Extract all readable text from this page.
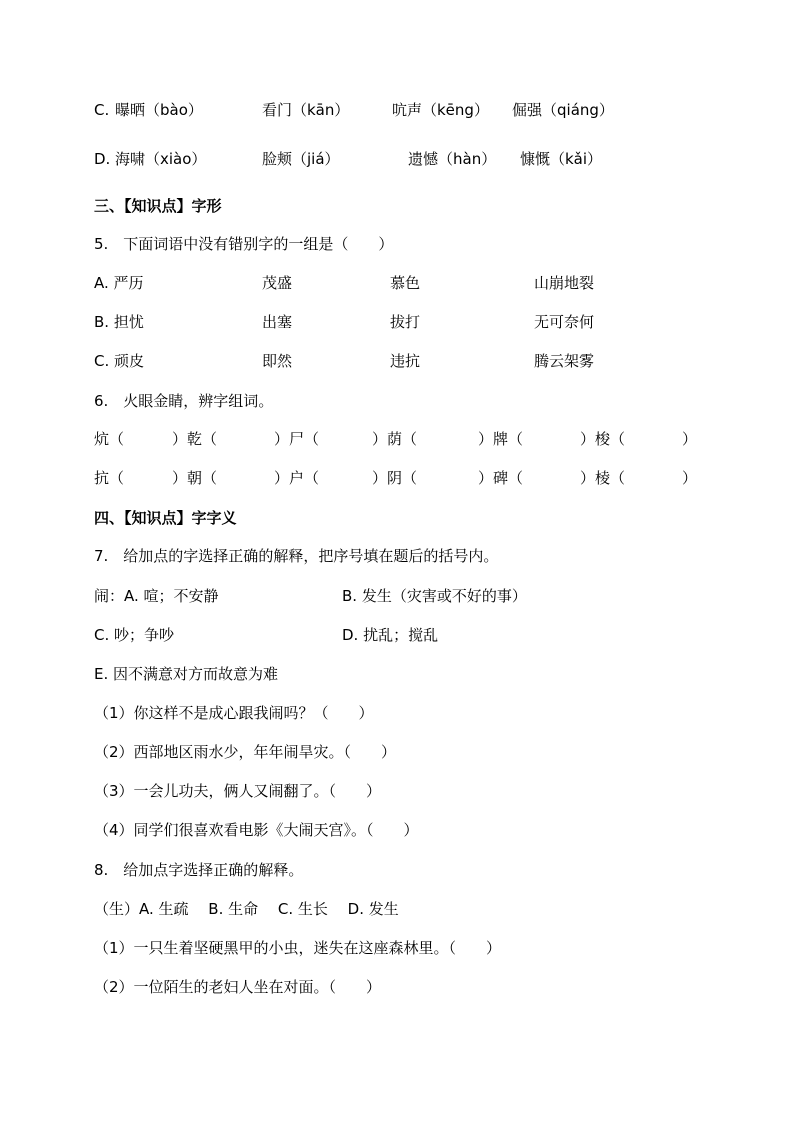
C. 曝晒（bào）	看门（kān）	吭声（kēng） 倔强（qiáng）
D. 海啸（xiào）	脸颊（jiá）	遗憾（hàn） 慷慨（kǎi）
三、【知识点】字形
5.　下面词语中没有错别字的一组是（　　）
A. 严历	茂盛	慕色	山崩地裂
B. 担忧	出塞	拔打	无可奈何
C. 顽皮	即然	违抗	腾云架雾
6.　火眼金睛，辨字组词。
炕（	）乾（	）尸（	）荫（	）牌（	）梭（	）
抗（	）朝（	）户（	）阴（	）碑（	）棱（	）
四、【知识点】字字义
7.　给加点的字选择正确的解释，把序号填在题后的括号内。
闹：A. 喧；不安静	B. 发生（灾害或不好的事）
C. 吵；争吵	D. 扰乱；搅乱
E. 因不满意对方而故意为难
（1）你这样不是成心跟我闹吗？（　　）
（2）西部地区雨水少，年年闹旱灾。（　　）
（3）一会儿功夫，俩人又闹翻了。（　　）
（4）同学们很喜欢看电影《大闹天宫》。（　　）
8.　给加点字选择正确的解释。
（生）A. 生疏　 B. 生命　 C. 生长　 D. 发生
（1）一只生着坚硬黑甲的小虫，迷失在这座森林里。（　　）
（2）一位陌生的老妇人坐在对面。（　　）
